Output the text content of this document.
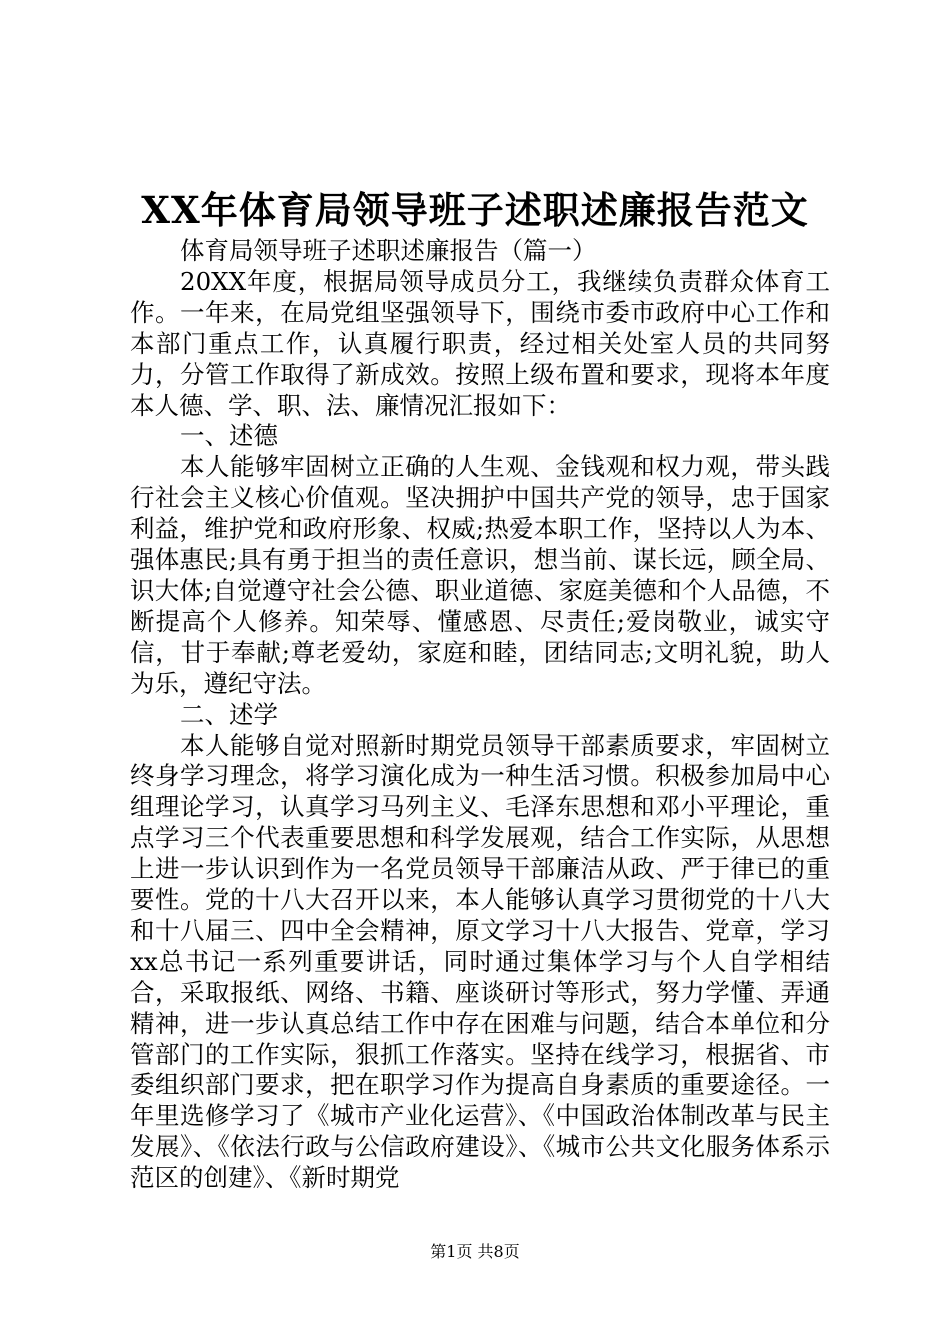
XX年体育局领导班子述职述廉报告范文

体育局领导班子述职述廉报告（篇一）

20XX年度，根据局领导成员分工，我继续负责群众体育工作。一年来，在局党组坚强领导下，围绕市委市政府中心工作和本部门重点工作，认真履行职责，经过相关处室人员的共同努力，分管工作取得了新成效。按照上级布置和要求，现将本年度本人德、学、职、法、廉情况汇报如下：

一、述德

本人能够牢固树立正确的人生观、金钱观和权力观，带头践行社会主义核心价值观。坚决拥护中国共产党的领导，忠于国家利益，维护党和政府形象、权威;热爱本职工作，坚持以人为本、强体惠民;具有勇于担当的责任意识，想当前、谋长远，顾全局、识大体;自觉遵守社会公德、职业道德、家庭美德和个人品德，不断提高个人修养。知荣辱、懂感恩、尽责任;爱岗敬业，诚实守信，甘于奉献;尊老爱幼，家庭和睦，团结同志;文明礼貌，助人为乐，遵纪守法。

二、述学

本人能够自觉对照新时期党员领导干部素质要求，牢固树立终身学习理念，将学习演化成为一种生活习惯。积极参加局中心组理论学习，认真学习马列主义、毛泽东思想和邓小平理论，重点学习三个代表重要思想和科学发展观，结合工作实际，从思想上进一步认识到作为一名党员领导干部廉洁从政、严于律已的重要性。党的十八大召开以来，本人能够认真学习贯彻党的十八大和十八届三、四中全会精神，原文学习十八大报告、党章，学习xx总书记一系列重要讲话，同时通过集体学习与个人自学相结合，采取报纸、网络、书籍、座谈研讨等形式，努力学懂、弄通精神，进一步认真总结工作中存在困难与问题，结合本单位和分管部门的工作实际，狠抓工作落实。坚持在线学习，根据省、市委组织部门要求，把在职学习作为提高自身素质的重要途径。一年里选修学习了《城市产业化运营》、《中国政治体制改革与民主发展》、《依法行政与公信政府建设》、《城市公共文化服务体系示范区的创建》、《新时期党

第1页 共8页
